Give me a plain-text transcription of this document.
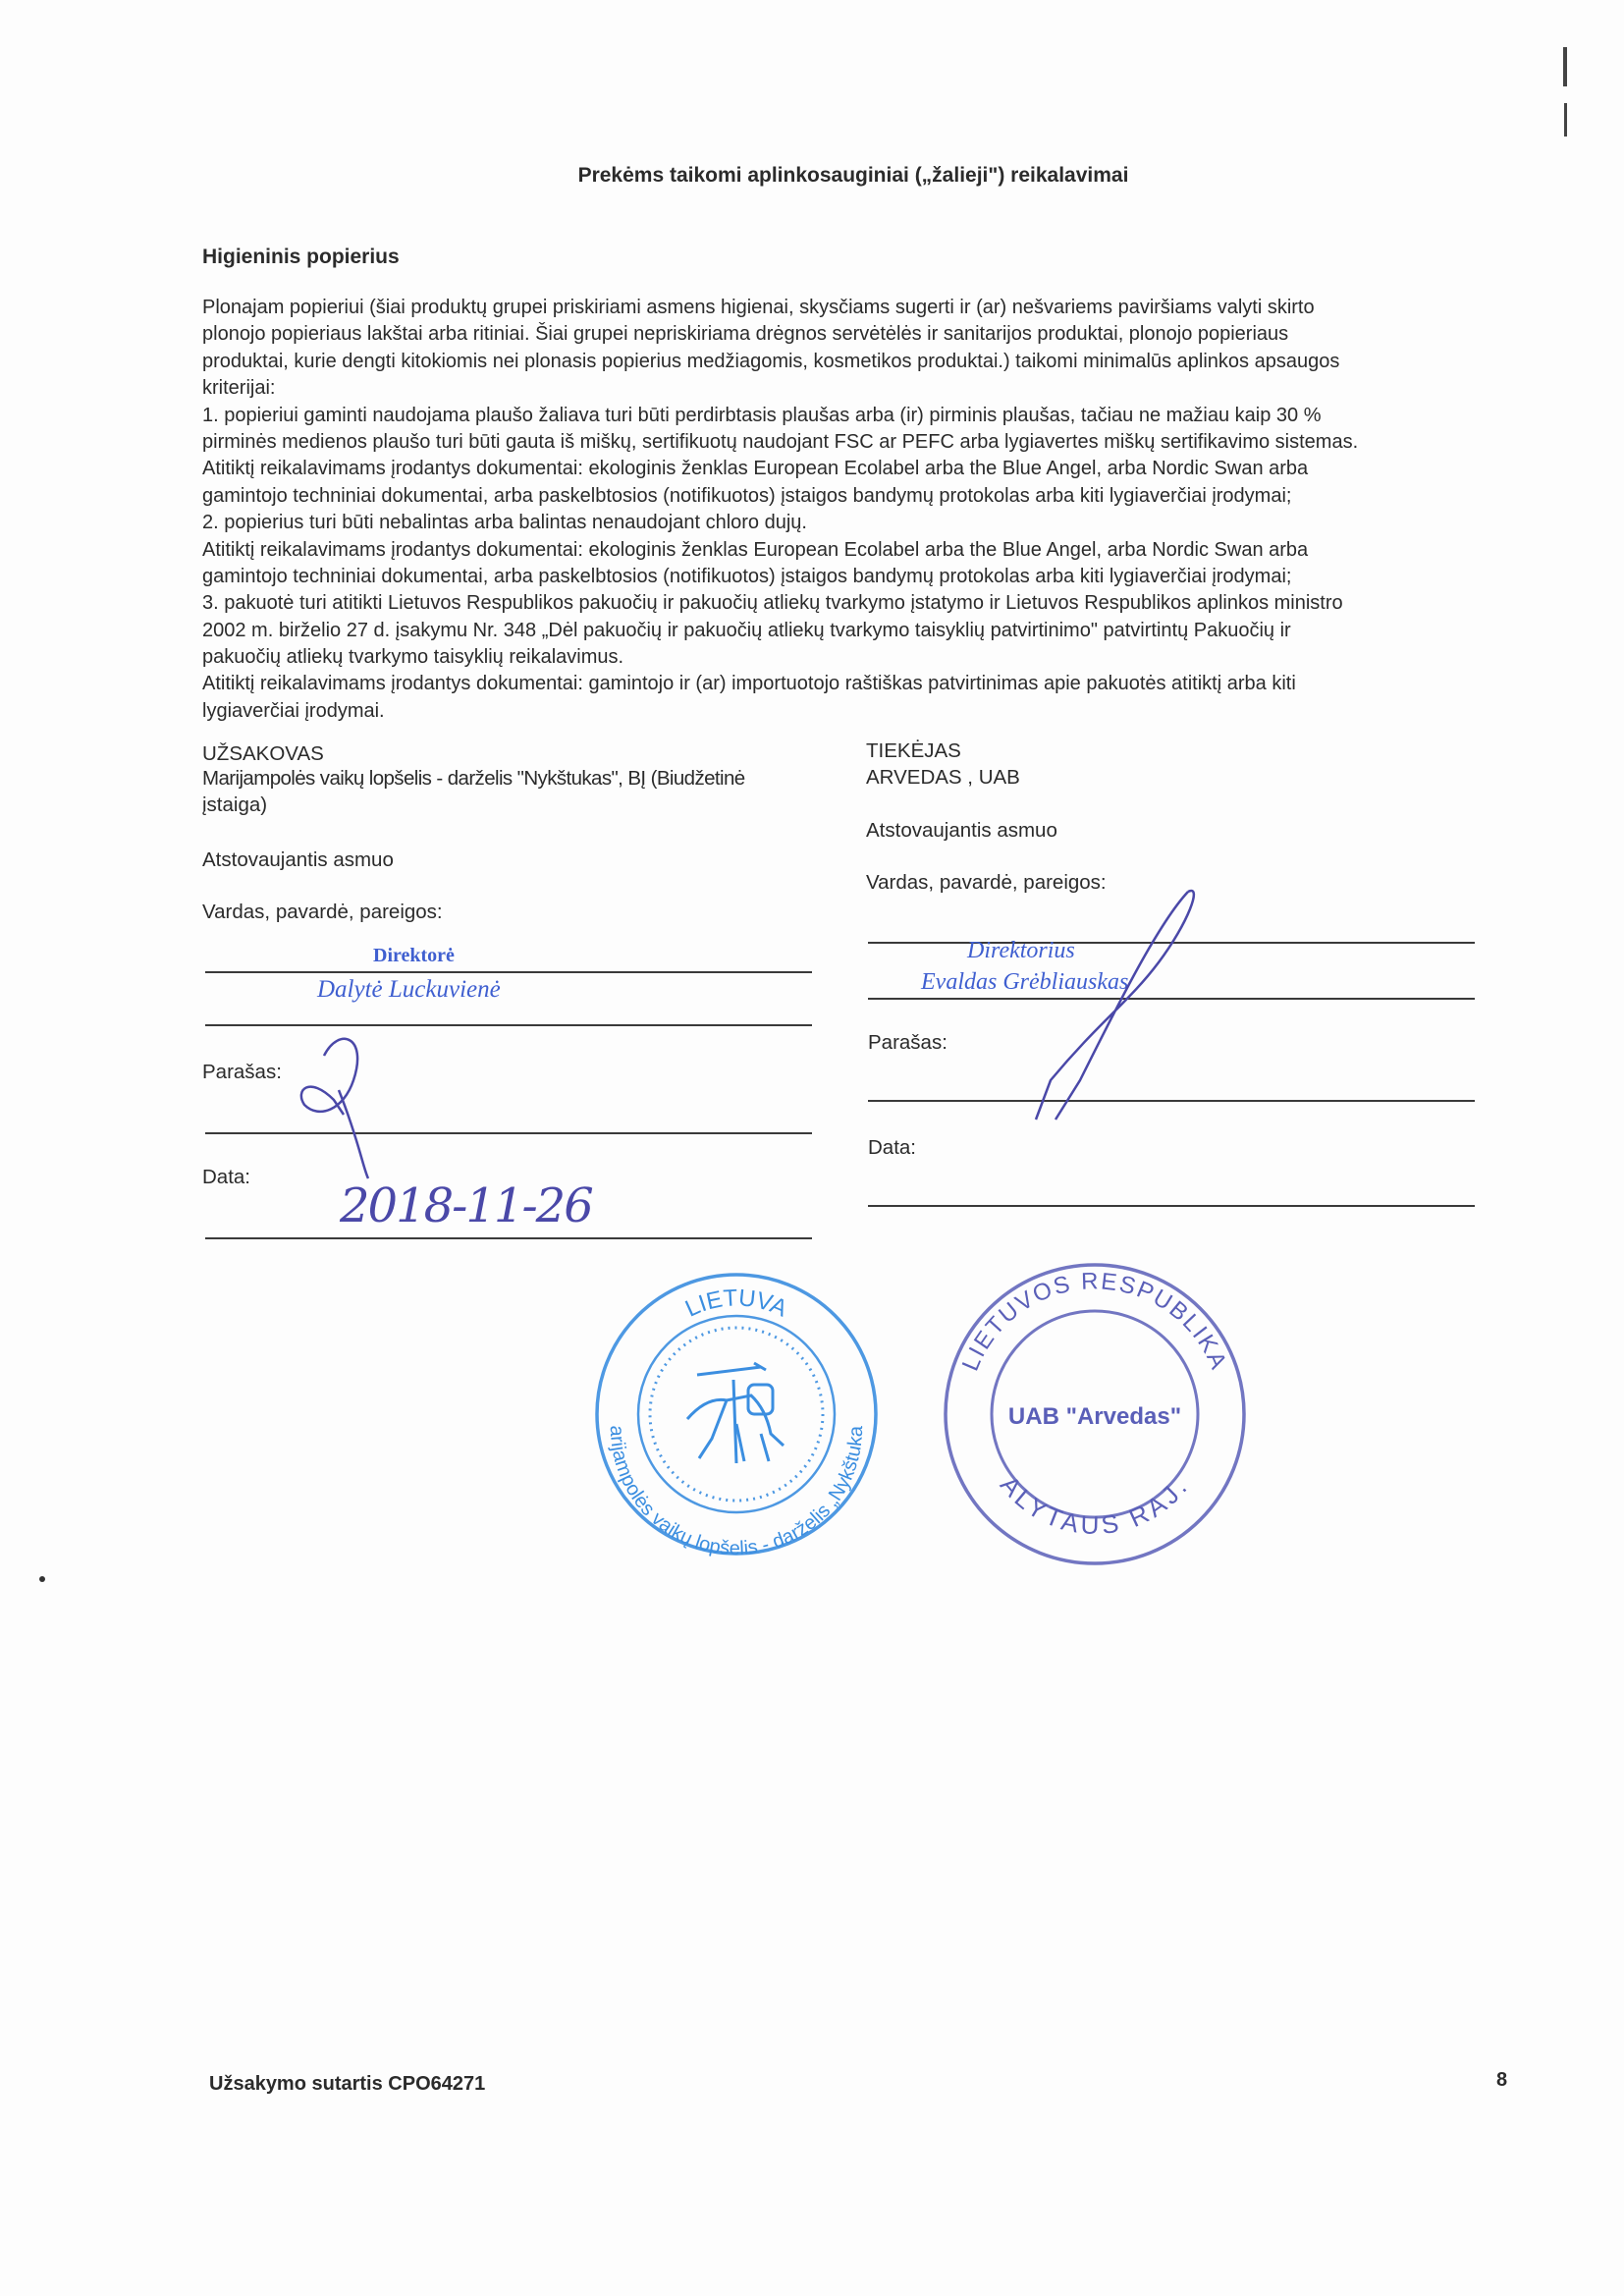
Prekėms taikomi aplinkosauginiai („žalieji") reikalavimai
Higieninis popierius
Plonajam popieriui (šiai produktų grupei priskiriami asmens higienai, skysčiams sugerti ir (ar) nešvariems paviršiams valyti skirto
plonojo popieriaus lakštai arba ritiniai. Šiai grupei nepriskiriama drėgnos servėtėlės ir sanitarijos produktai, plonojo popieriaus
produktai, kurie dengti kitokiomis nei plonasis popierius medžiagomis, kosmetikos produktai.) taikomi minimalūs aplinkos apsaugos
kriterijai:
1. popieriui gaminti naudojama plaušo žaliava turi būti perdirbtasis plaušas arba (ir) pirminis plaušas, tačiau ne mažiau kaip 30 %
pirminės medienos plaušo turi būti gauta iš miškų, sertifikuotų naudojant FSC ar PEFC arba lygiavertes miškų sertifikavimo sistemas.
Atitiktį reikalavimams įrodantys dokumentai: ekologinis ženklas European Ecolabel arba the Blue Angel, arba Nordic Swan arba
gamintojo techniniai dokumentai, arba paskelbtosios (notifikuotos) įstaigos bandymų protokolas arba kiti lygiaverčiai įrodymai;
2. popierius turi būti nebalintas arba balintas nenaudojant chloro dujų.
Atitiktį reikalavimams įrodantys dokumentai: ekologinis ženklas European Ecolabel arba the Blue Angel, arba Nordic Swan arba
gamintojo techniniai dokumentai, arba paskelbtosios (notifikuotos) įstaigos bandymų protokolas arba kiti lygiaverčiai įrodymai;
3. pakuotė turi atitikti Lietuvos Respublikos pakuočių ir pakuočių atliekų tvarkymo įstatymo ir Lietuvos Respublikos aplinkos ministro
2002 m. birželio 27 d. įsakymu Nr. 348 „Dėl pakuočių ir pakuočių atliekų tvarkymo taisyklių patvirtinimo" patvirtintų Pakuočių ir
pakuočių atliekų tvarkymo taisyklių reikalavimus.
Atitiktį reikalavimams įrodantys dokumentai: gamintojo ir (ar) importuotojo raštiškas patvirtinimas apie pakuotės atitiktį arba kiti
lygiaverčiai įrodymai.
UŽSAKOVAS
Marijampolės vaikų lopšelis - darželis "Nykštukas", BĮ (Biudžetinė
įstaiga)
Atstovaujantis asmuo
Vardas, pavardė, pareigos:
Direktorė
Dalytė Luckuvienė
Parašas:
Data:
2018-11-26
TIEKĖJAS
ARVEDAS , UAB
Atstovaujantis asmuo
Vardas, pavardė, pareigos:
Direktorius
Evaldas Grėbliauskas
Parašas:
Data:
Marijampolės vaikų lopšelis - darželis „Nykštukas"
LIETUVA
LIETUVOS RESPUBLIKA
ALYTAUS RAJ.
UAB "Arvedas"
Užsakymo sutartis CPO64271	8
